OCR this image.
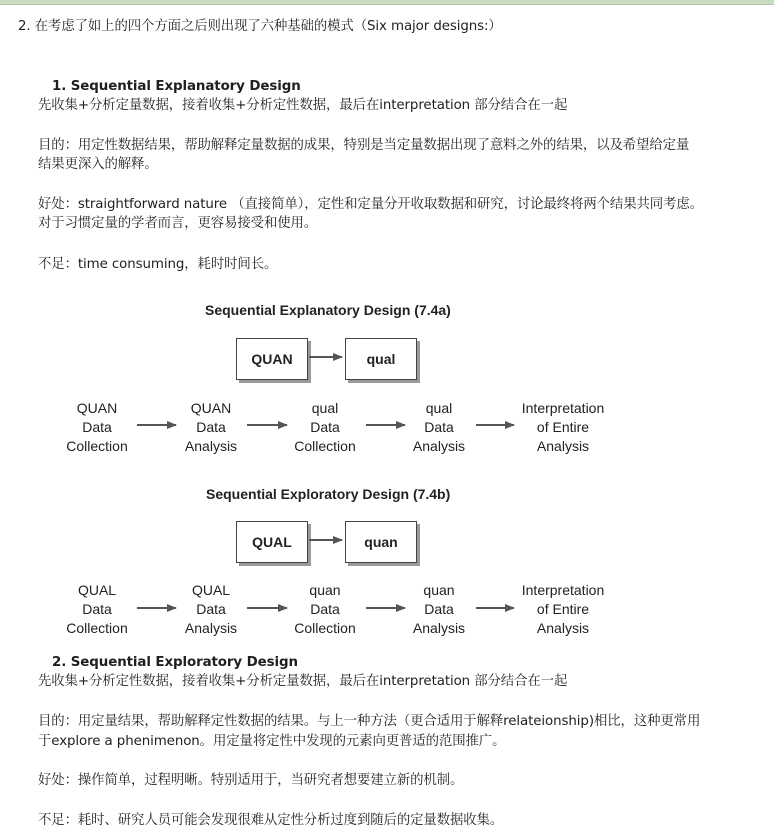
2. 在考虑了如上的四个方面之后则出现了六种基础的模式（Six major designs:）
1. Sequential Explanatory Design
先收集+分析定量数据，接着收集+分析定性数据，最后在interpretation 部分结合在一起
目的：用定性数据结果，帮助解释定量数据的成果，特别是当定量数据出现了意料之外的结果，以及希望给定量
结果更深入的解释。
好处：straightforward nature （直接简单），定性和定量分开收取数据和研究，讨论最终将两个结果共同考虑。
对于习惯定量的学者而言，更容易接受和使用。
不足：time consuming，耗时时间长。
Sequential Explanatory Design (7.4a)
QUAN	qual
QUAN
Data
Collection
QUAN
Data
Analysis
qual
Data
Collection
qual
Data
Analysis
Interpretation
of Entire
Analysis
Sequential Exploratory Design (7.4b)
QUAL	quan
QUAL
Data
Collection
QUAL
Data
Analysis
quan
Data
Collection
quan
Data
Analysis
Interpretation
of Entire
Analysis
2. Sequential Exploratory Design
先收集+分析定性数据，接着收集+分析定量数据，最后在interpretation 部分结合在一起
目的：用定量结果，帮助解释定性数据的结果。与上一种方法（更合适用于解释relateionship)相比，这种更常用
于explore a phenimenon。用定量将定性中发现的元素向更普适的范围推广。
好处：操作简单，过程明晰。特别适用于，当研究者想要建立新的机制。
不足：耗时、研究人员可能会发现很难从定性分析过度到随后的定量数据收集。
